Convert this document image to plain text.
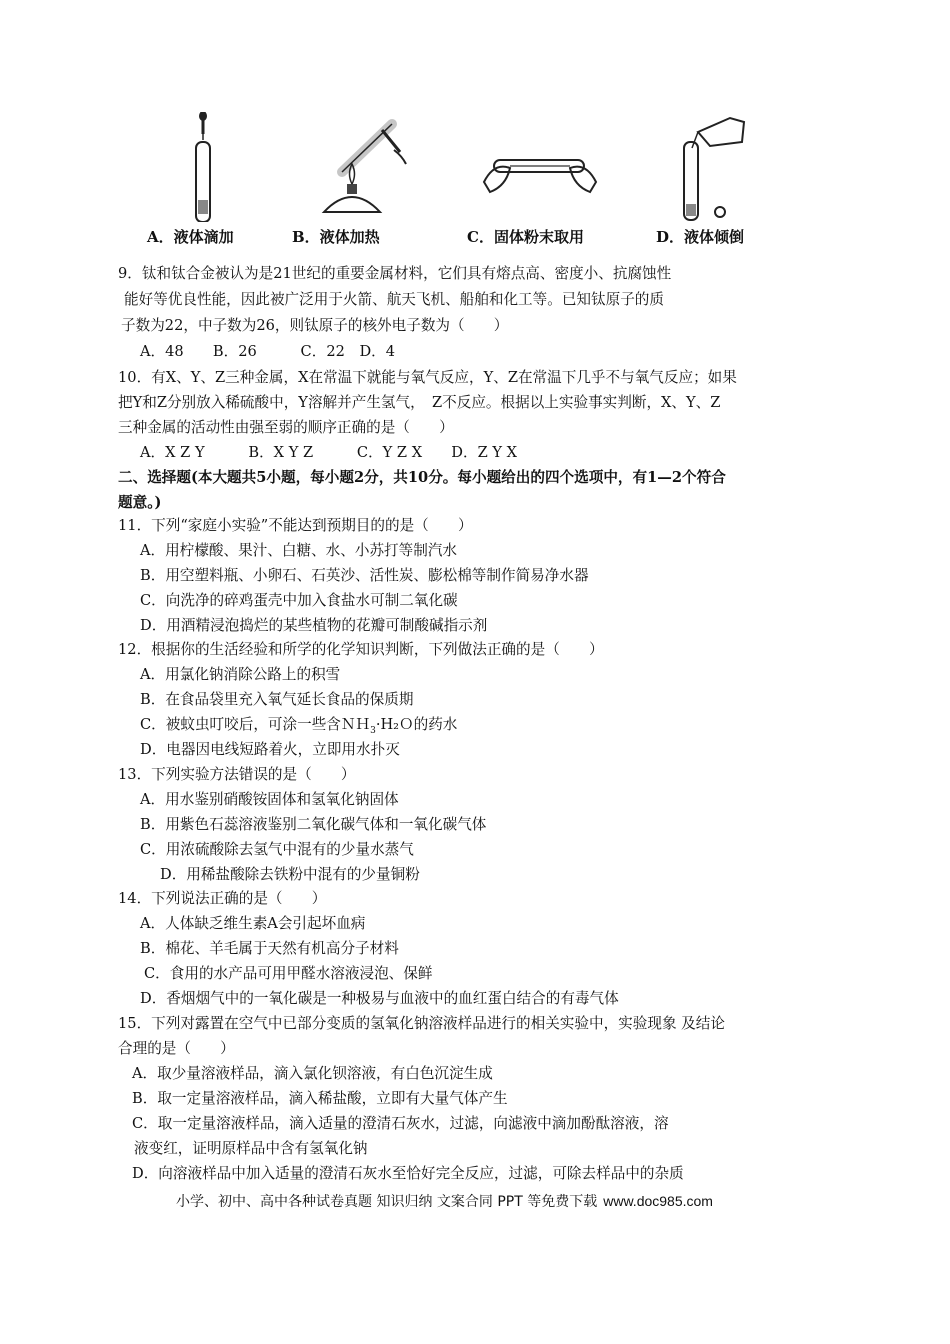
A．液体滴加	B．液体加热	C．固体粉末取用	D．液体倾倒
9．钛和钛合金被认为是21世纪的重要金属材料，它们具有熔点高、密度小、抗腐蚀性
能好等优良性能，因此被广泛用于火箭、航天飞机、船舶和化工等。已知钛原子的质
子数为22，中子数为26，则钛原子的核外电子数为（　　）
A．48　　B．26　　　C．22　D．4
10．有X、Y、Z三种金属，X在常温下就能与氧气反应，Y、Z在常温下几乎不与氧气反应；如果
把Y和Z分别放入稀硫酸中，Y溶解并产生氢气，　Z不反应。根据以上实验事实判断，X、Y、Z
三种金属的活动性由强至弱的顺序正确的是（　　）
A．X Z Y　　　B．X Y Z　　　C．Y Z X　　D．Z Y X
二、选择题(本大题共5小题，每小题2分，共10分。每小题给出的四个选项中，有1—2个符合
题意。)
11．下列“家庭小实验”不能达到预期目的的是（　　）
A．用柠檬酸、果汁、白糖、水、小苏打等制汽水
B．用空塑料瓶、小卵石、石英沙、活性炭、膨松棉等制作简易净水器
C．向洗净的碎鸡蛋壳中加入食盐水可制二氧化碳
D．用酒精浸泡捣烂的某些植物的花瓣可制酸碱指示剂
12．根据你的生活经验和所学的化学知识判断，下列做法正确的是（　　）
A．用氯化钠消除公路上的积雪
B．在食品袋里充入氧气延长食品的保质期
C．被蚊虫叮咬后，可涂一些含ＮＨ$_3$·H₂Ｏ的药水
D．电器因电线短路着火，立即用水扑灭
13．下列实验方法错误的是（　　）
A．用水鉴别硝酸铵固体和氢氧化钠固体
B．用紫色石蕊溶液鉴别二氧化碳气体和一氧化碳气体
C．用浓硫酸除去氢气中混有的少量水蒸气
D．用稀盐酸除去铁粉中混有的少量铜粉
14．下列说法正确的是（　　）
A．人体缺乏维生素A会引起坏血病
B．棉花、羊毛属于天然有机高分子材料
C．食用的水产品可用甲醛水溶液浸泡、保鲜
D．香烟烟气中的一氧化碳是一种极易与血液中的血红蛋白结合的有毒气体
15．下列对露置在空气中已部分变质的氢氧化钠溶液样品进行的相关实验中，实验现象 及结论
合理的是（　　）
A．取少量溶液样品，滴入氯化钡溶液，有白色沉淀生成
B．取一定量溶液样品，滴入稀盐酸，立即有大量气体产生
C．取一定量溶液样品，滴入适量的澄清石灰水，过滤，向滤液中滴加酚酞溶液，溶
液变红，证明原样品中含有氢氧化钠
D．向溶液样品中加入适量的澄清石灰水至恰好完全反应，过滤，可除去样品中的杂质
小学、初中、高中各种试卷真题 知识归纳 文案合同 PPT 等免费下载 www.doc985.com
